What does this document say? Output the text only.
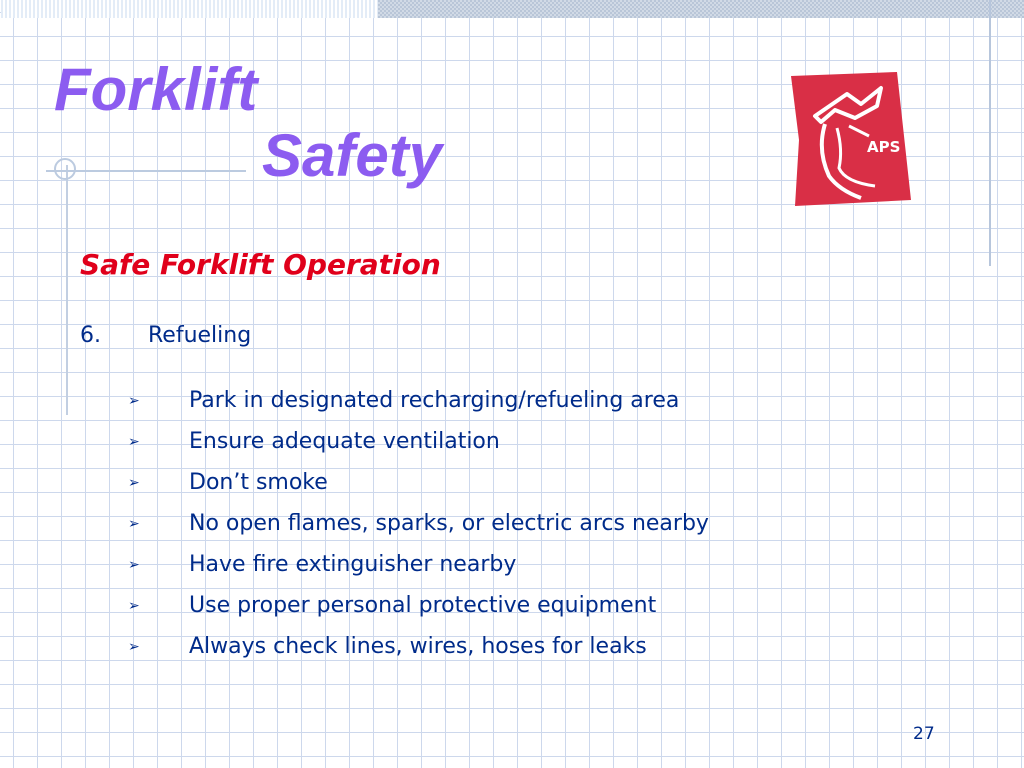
Forklift
Safety	APS
Safe Forklift Operation
6. Refueling
➢ Park in designated recharging/refueling area
➢ Ensure adequate ventilation
➢ Don’t smoke
➢ No open flames, sparks, or electric arcs nearby
➢ Have fire extinguisher nearby
➢ Use proper personal protective equipment
➢ Always check lines, wires, hoses for leaks
27
